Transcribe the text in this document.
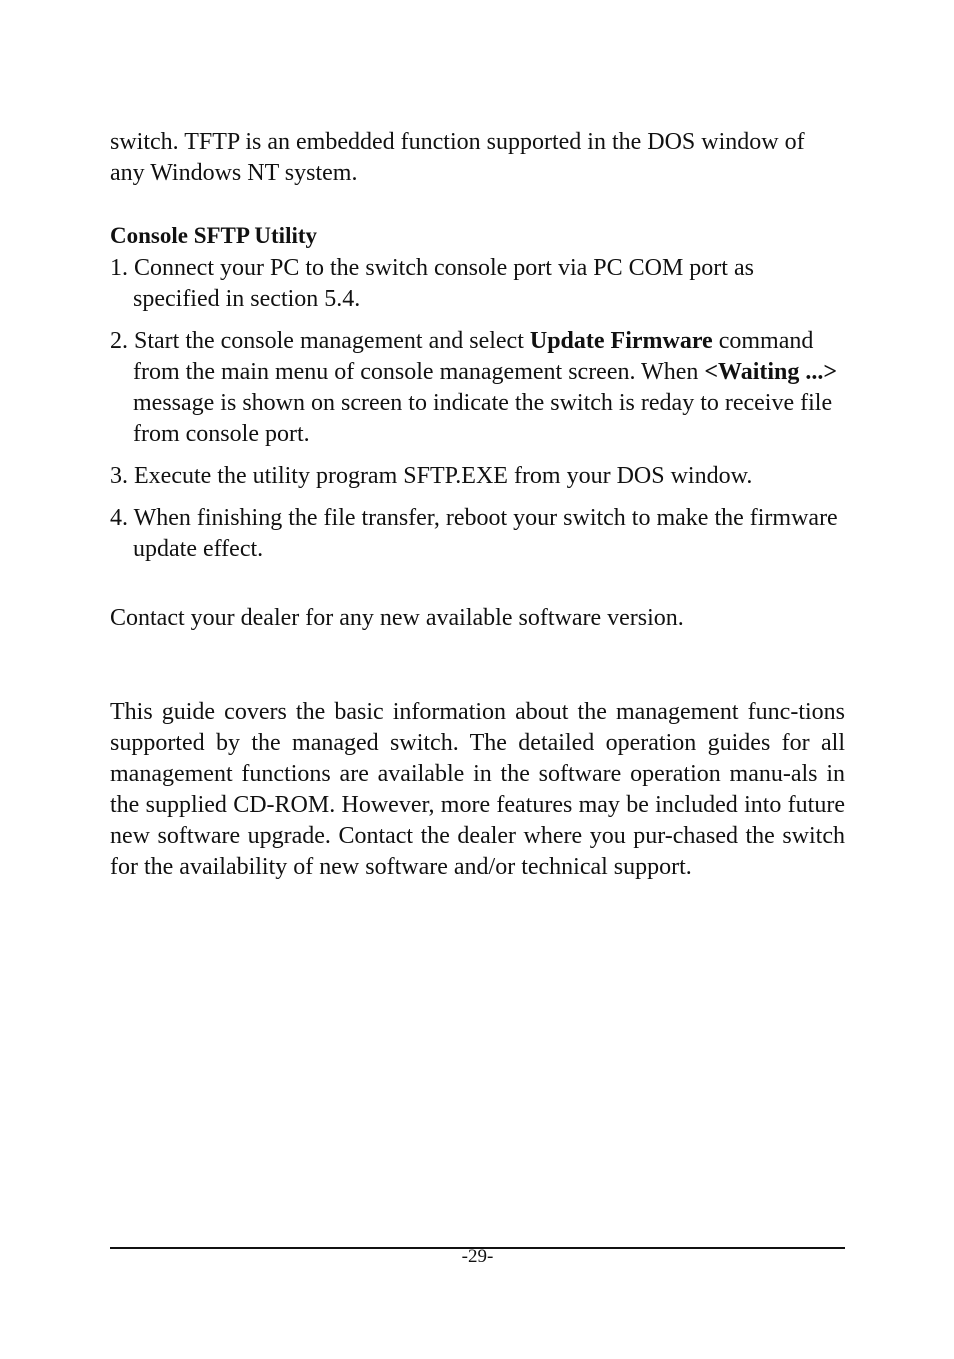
switch. TFTP is an embedded function supported in the DOS window of any Windows NT system.

Console SFTP Utility

1. Connect your PC to the switch console port via PC COM port as specified in section 5.4.
2. Start the console management and select Update Firmware command from the main menu of console management screen. When <Waiting ...> message is shown on screen to indicate the switch is reday to receive file from console port.
3. Execute the utility program SFTP.EXE from your DOS window.
4. When finishing the file transfer, reboot your switch to make the firmware update effect.

Contact your dealer for any new available software version.

This guide covers the basic information about the management func-tions supported by the managed switch. The detailed operation guides for all management functions are available in the software operation manu-als in the supplied CD-ROM. However, more features may be included into future new software upgrade. Contact the dealer where you pur-chased the switch for the availability of new software and/or technical support.

-29-
